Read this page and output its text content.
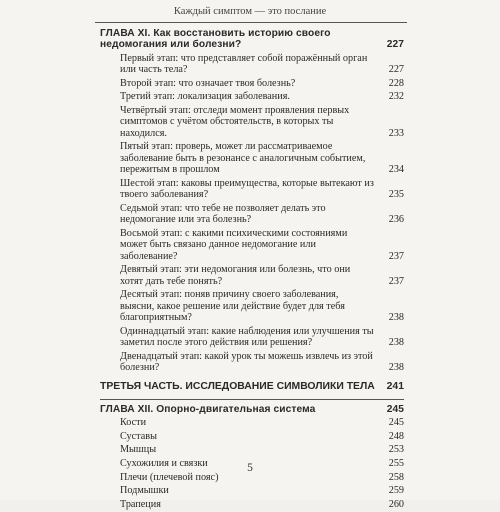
Каждый симптом — это послание
ГЛАВА XI. Как восстановить историю своего недомогания или болезни?	227
Первый этап: что представляет собой поражённый орган или часть тела?	227
Второй этап: что означает твоя болезнь?	228
Третий этап: локализация заболевания.	232
Четвёртый этап: отследи момент проявления первых симптомов с учётом обстоятельств, в которых ты находился.	233
Пятый этап: проверь, может ли рассматриваемое заболевание быть в резонансе с аналогичным событием, пережитым в прошлом	234
Шестой этап: каковы преимущества, которые вытекают из твоего заболевания?	235
Седьмой этап: что тебе не позволяет делать это недомогание или эта болезнь?	236
Восьмой этап: с какими психическими состояниями может быть связано данное недомогание или заболевание?	237
Девятый этап: эти недомогания или болезнь, что они хотят дать тебе понять?	237
Десятый этап: поняв причину своего заболевания, выясни, какое решение или действие будет для тебя благоприятным?	238
Одиннадцатый этап: какие наблюдения или улучшения ты заметил после этого действия или решения?	238
Двенадцатый этап: какой урок ты можешь извлечь из этой болезни?	238
ТРЕТЬЯ ЧАСТЬ. ИССЛЕДОВАНИЕ СИМВОЛИКИ ТЕЛА	241
ГЛАВА XII. Опорно-двигательная система	245
Кости	245
Суставы	248
Мышцы	253
Сухожилия и связки	255
Плечи (плечевой пояс)	258
Подмышки	259
Трапеция	260
5
